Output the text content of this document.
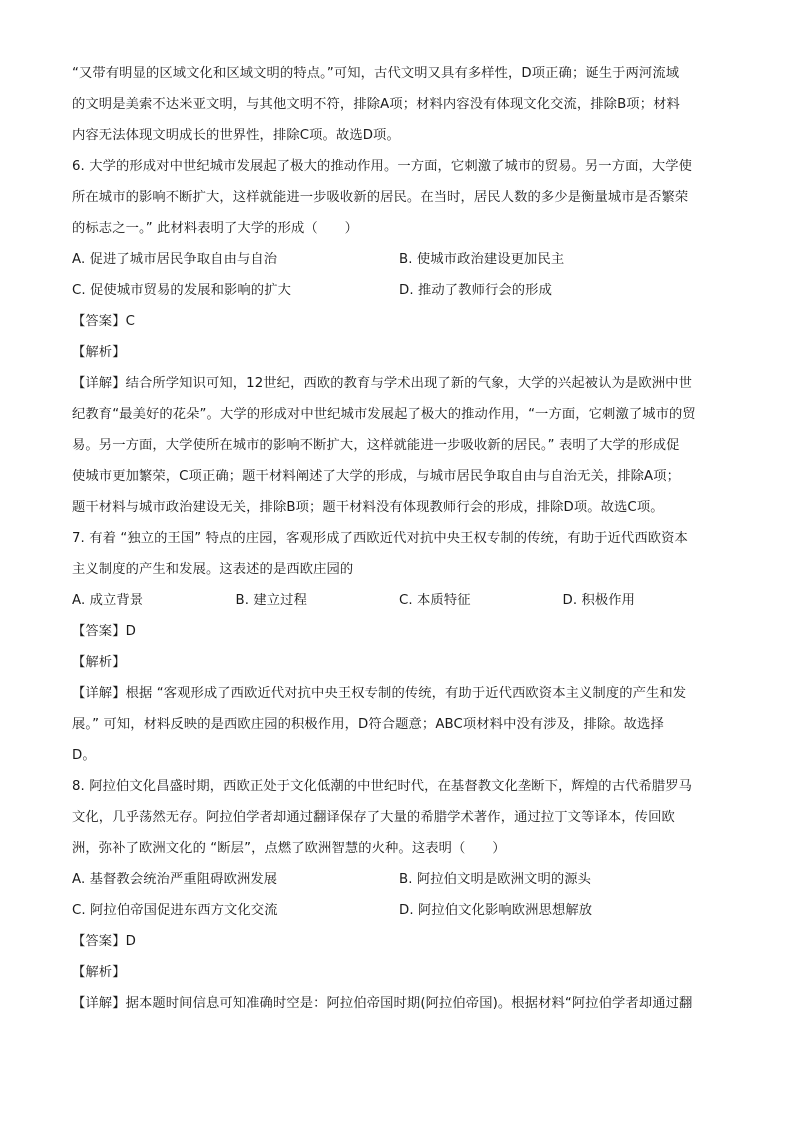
“又带有明显的区域文化和区域文明的特点。”可知，古代文明又具有多样性，D项正确；诞生于两河流域
的文明是美索不达米亚文明，与其他文明不符，排除A项；材料内容没有体现文化交流，排除B项；材料
内容无法体现文明成长的世界性，排除C项。故选D项。
6. 大学的形成对中世纪城市发展起了极大的推动作用。一方面，它刺激了城市的贸易。另一方面，大学使
所在城市的影响不断扩大，这样就能进一步吸收新的居民。在当时，居民人数的多少是衡量城市是否繁荣
的标志之一。” 此材料表明了大学的形成（　　）
A. 促进了城市居民争取自由与自治	B. 使城市政治建设更加民主
C. 促使城市贸易的发展和影响的扩大	D. 推动了教师行会的形成
【答案】C
【解析】
【详解】结合所学知识可知，12世纪，西欧的教育与学术出现了新的气象，大学的兴起被认为是欧洲中世
纪教育“最美好的花朵”。大学的形成对中世纪城市发展起了极大的推动作用，“一方面，它刺激了城市的贸
易。另一方面，大学使所在城市的影响不断扩大，这样就能进一步吸收新的居民。” 表明了大学的形成促
使城市更加繁荣，C项正确；题干材料阐述了大学的形成，与城市居民争取自由与自治无关，排除A项；
题干材料与城市政治建设无关，排除B项；题干材料没有体现教师行会的形成，排除D项。故选C项。
7. 有着 “独立的王国” 特点的庄园，客观形成了西欧近代对抗中央王权专制的传统，有助于近代西欧资本
主义制度的产生和发展。这表述的是西欧庄园的
A. 成立背景	B. 建立过程	C. 本质特征	D. 积极作用
【答案】D
【解析】
【详解】根据 “客观形成了西欧近代对抗中央王权专制的传统，有助于近代西欧资本主义制度的产生和发
展。” 可知，材料反映的是西欧庄园的积极作用，D符合题意；ABC项材料中没有涉及，排除。故选择
D。
8. 阿拉伯文化昌盛时期，西欧正处于文化低潮的中世纪时代，在基督教文化垄断下，辉煌的古代希腊罗马
文化，几乎荡然无存。阿拉伯学者却通过翻译保存了大量的希腊学术著作，通过拉丁文等译本，传回欧
洲，弥补了欧洲文化的 “断层”，点燃了欧洲智慧的火种。这表明（　　）
A. 基督教会统治严重阻碍欧洲发展	B. 阿拉伯文明是欧洲文明的源头
C. 阿拉伯帝国促进东西方文化交流	D. 阿拉伯文化影响欧洲思想解放
【答案】D
【解析】
【详解】据本题时间信息可知准确时空是：阿拉伯帝国时期(阿拉伯帝国)。根据材料“阿拉伯学者却通过翻
